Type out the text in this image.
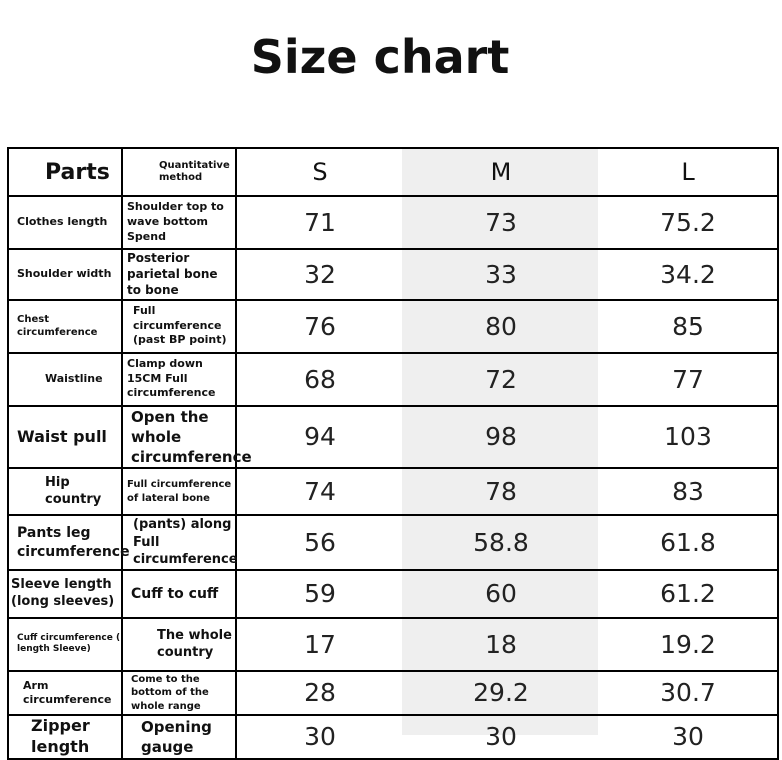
Size chart
Parts	Quantitative method	S	M	L
Clothes length	Shoulder top to wave bottom Spend	71	73	75.2
Shoulder width	Posterior parietal bone to bone	32	33	34.2
Chest circumference	Full circumference (past BP point)	76	80	85
Waistline	Clamp down 15CM Full circumference	68	72	77
Waist pull	Open the whole circumference	94	98	103
Hip country	Full circumference of lateral bone	74	78	83
Pants leg circumference	(pants) along Full circumference	56	58.8	61.8
Sleeve length (long sleeves)	Cuff to cuff	59	60	61.2
Cuff circumference ( length Sleeve)	The whole country	17	18	19.2
Arm circumference	Come to the bottom of the whole range	28	29.2	30.7
Zipper length	Opening gauge	30	30	30
